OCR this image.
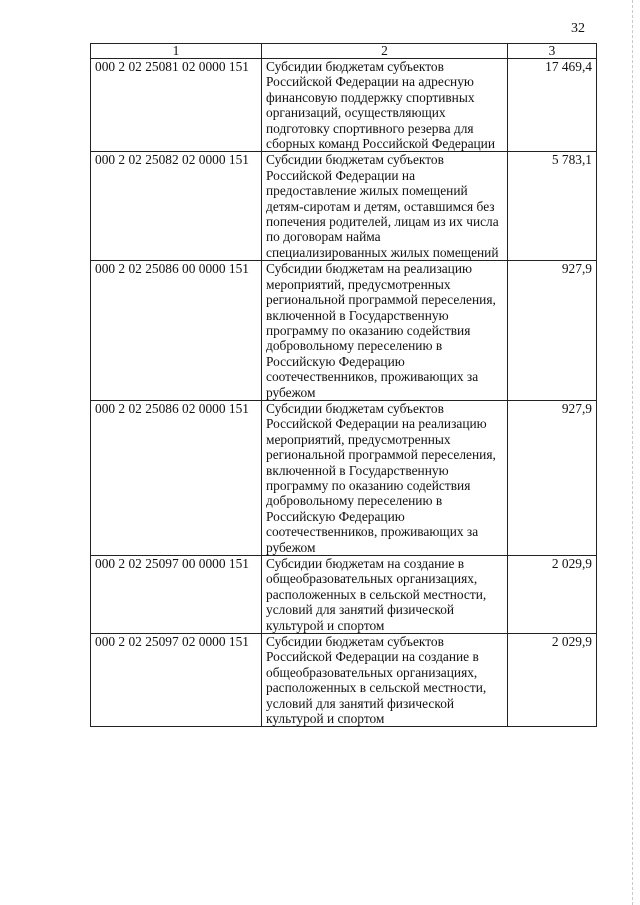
32
1	2	3
000 2 02 25081 02 0000 151	Субсидии бюджетам субъектов Российской Федерации на адресную финансовую поддержку спортивных организаций, осуществляющих подготовку спортивного резерва для сборных команд Российской Федерации	17 469,4
000 2 02 25082 02 0000 151	Субсидии бюджетам субъектов Российской Федерации на предоставление жилых помещений детям-сиротам и детям, оставшимся без попечения родителей, лицам из их числа по договорам найма специализированных жилых помещений	5 783,1
000 2 02 25086 00 0000 151	Субсидии бюджетам на реализацию мероприятий, предусмотренных региональной программой переселения, включенной в Государственную программу по оказанию содействия добровольному переселению в Российскую Федерацию соотечественников, проживающих за рубежом	927,9
000 2 02 25086 02 0000 151	Субсидии бюджетам субъектов Российской Федерации на реализацию мероприятий, предусмотренных региональной программой переселения, включенной в Государственную программу по оказанию содействия добровольному переселению в Российскую Федерацию соотечественников, проживающих за рубежом	927,9
000 2 02 25097 00 0000 151	Субсидии бюджетам на создание в общеобразовательных организациях, расположенных в сельской местности, условий для занятий физической культурой и спортом	2 029,9
000 2 02 25097 02 0000 151	Субсидии бюджетам субъектов Российской Федерации на создание в общеобразовательных организациях, расположенных в сельской местности, условий для занятий физической культурой и спортом	2 029,9
